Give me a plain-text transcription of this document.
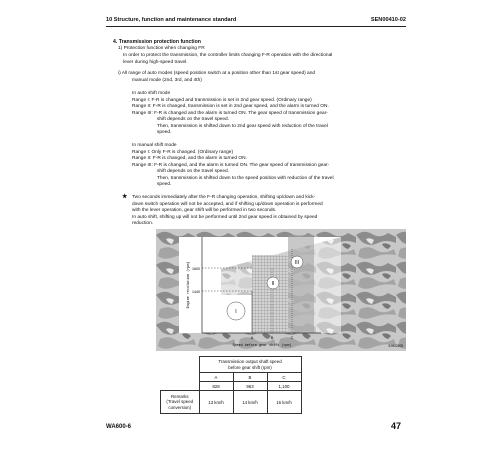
10 Structure, function and maintenance standard	SEN00410-02
4. Transmission protection function
1) Protection function when changing FR
In order to protect the transmission, the controller limits changing F-R operation with the directional
lever during high-speed travel.
i) All range of auto modes (speed position switch at a position other than 1st gear speed) and
manual mode (2nd, 3rd, and 4th)
In auto shift mode
Range I: F-R is changed and transmission is set in 2nd gear speed. (Ordinary range)
Range II: F-R is changed, transmission is set in 2nd gear speed, and the alarm is turned ON.
Range III: F-R is changed and the alarm is turned ON. The gear speed of transmission gear-
shift depends on the travel speed.
Then, transmission is shifted down to 2nd gear speed with reduction of the travel
speed.
In manual shift mode
Range I: Only F-R is changed. (Ordinary range)
Range II: F-R is changed, and the alarm is turned ON.
Range III: F-R is changed, and the alarm is turned ON. The gear speed of transmission gear-
shift depends on the travel speed.
Then, transmission is shifted down to the speed position with reduction of the travel
speed.
★ Two seconds immediately after the F-R changing operation, shifting up/down and kick-
down switch operation will not be accepted, and if shifting up/down operation is performed
with the lever operation, gear shift will be performed in two seconds.
In auto shift, shifting up will not be performed until 2nd gear speed is obtained by speed
reduction.
I
II
III
1600
1440
A	B	C
Speed before gear shift (rpm)
Engine revolution (rpm)
9JH02205

	Transmission output shaft speed
before gear shift (rpm)		

	A	B	C
	828	963	1,100

Remarks
(Travel speed
conversion)	13 km/h	14 km/h	16 km/h
WA600-6	47
